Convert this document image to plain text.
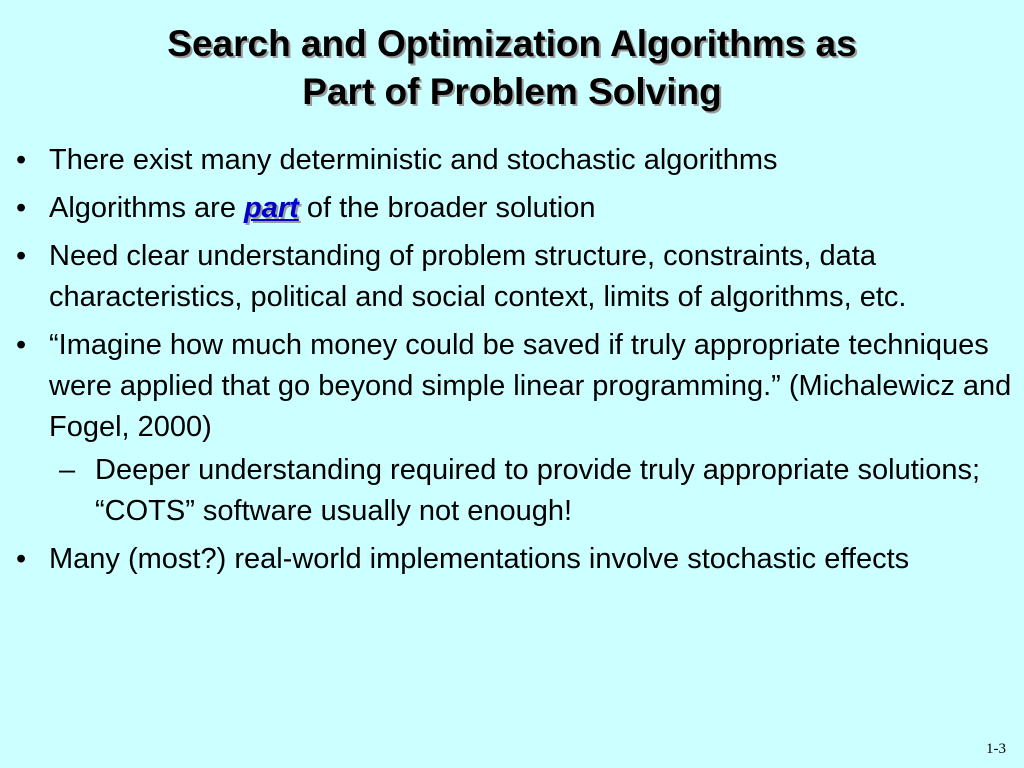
Search and Optimization Algorithms as
Part of Problem Solving
• There exist many deterministic and stochastic algorithms
• Algorithms are part of the broader solution
• Need clear understanding of problem structure, constraints, data characteristics, political and social context, limits of algorithms, etc.
• “Imagine how much money could be saved if truly appropriate techniques were applied that go beyond simple linear programming.” (Michalewicz and Fogel, 2000)
– Deeper understanding required to provide truly appropriate solutions; “COTS” software usually not enough!
• Many (most?) real-world implementations involve stochastic effects
1-3
